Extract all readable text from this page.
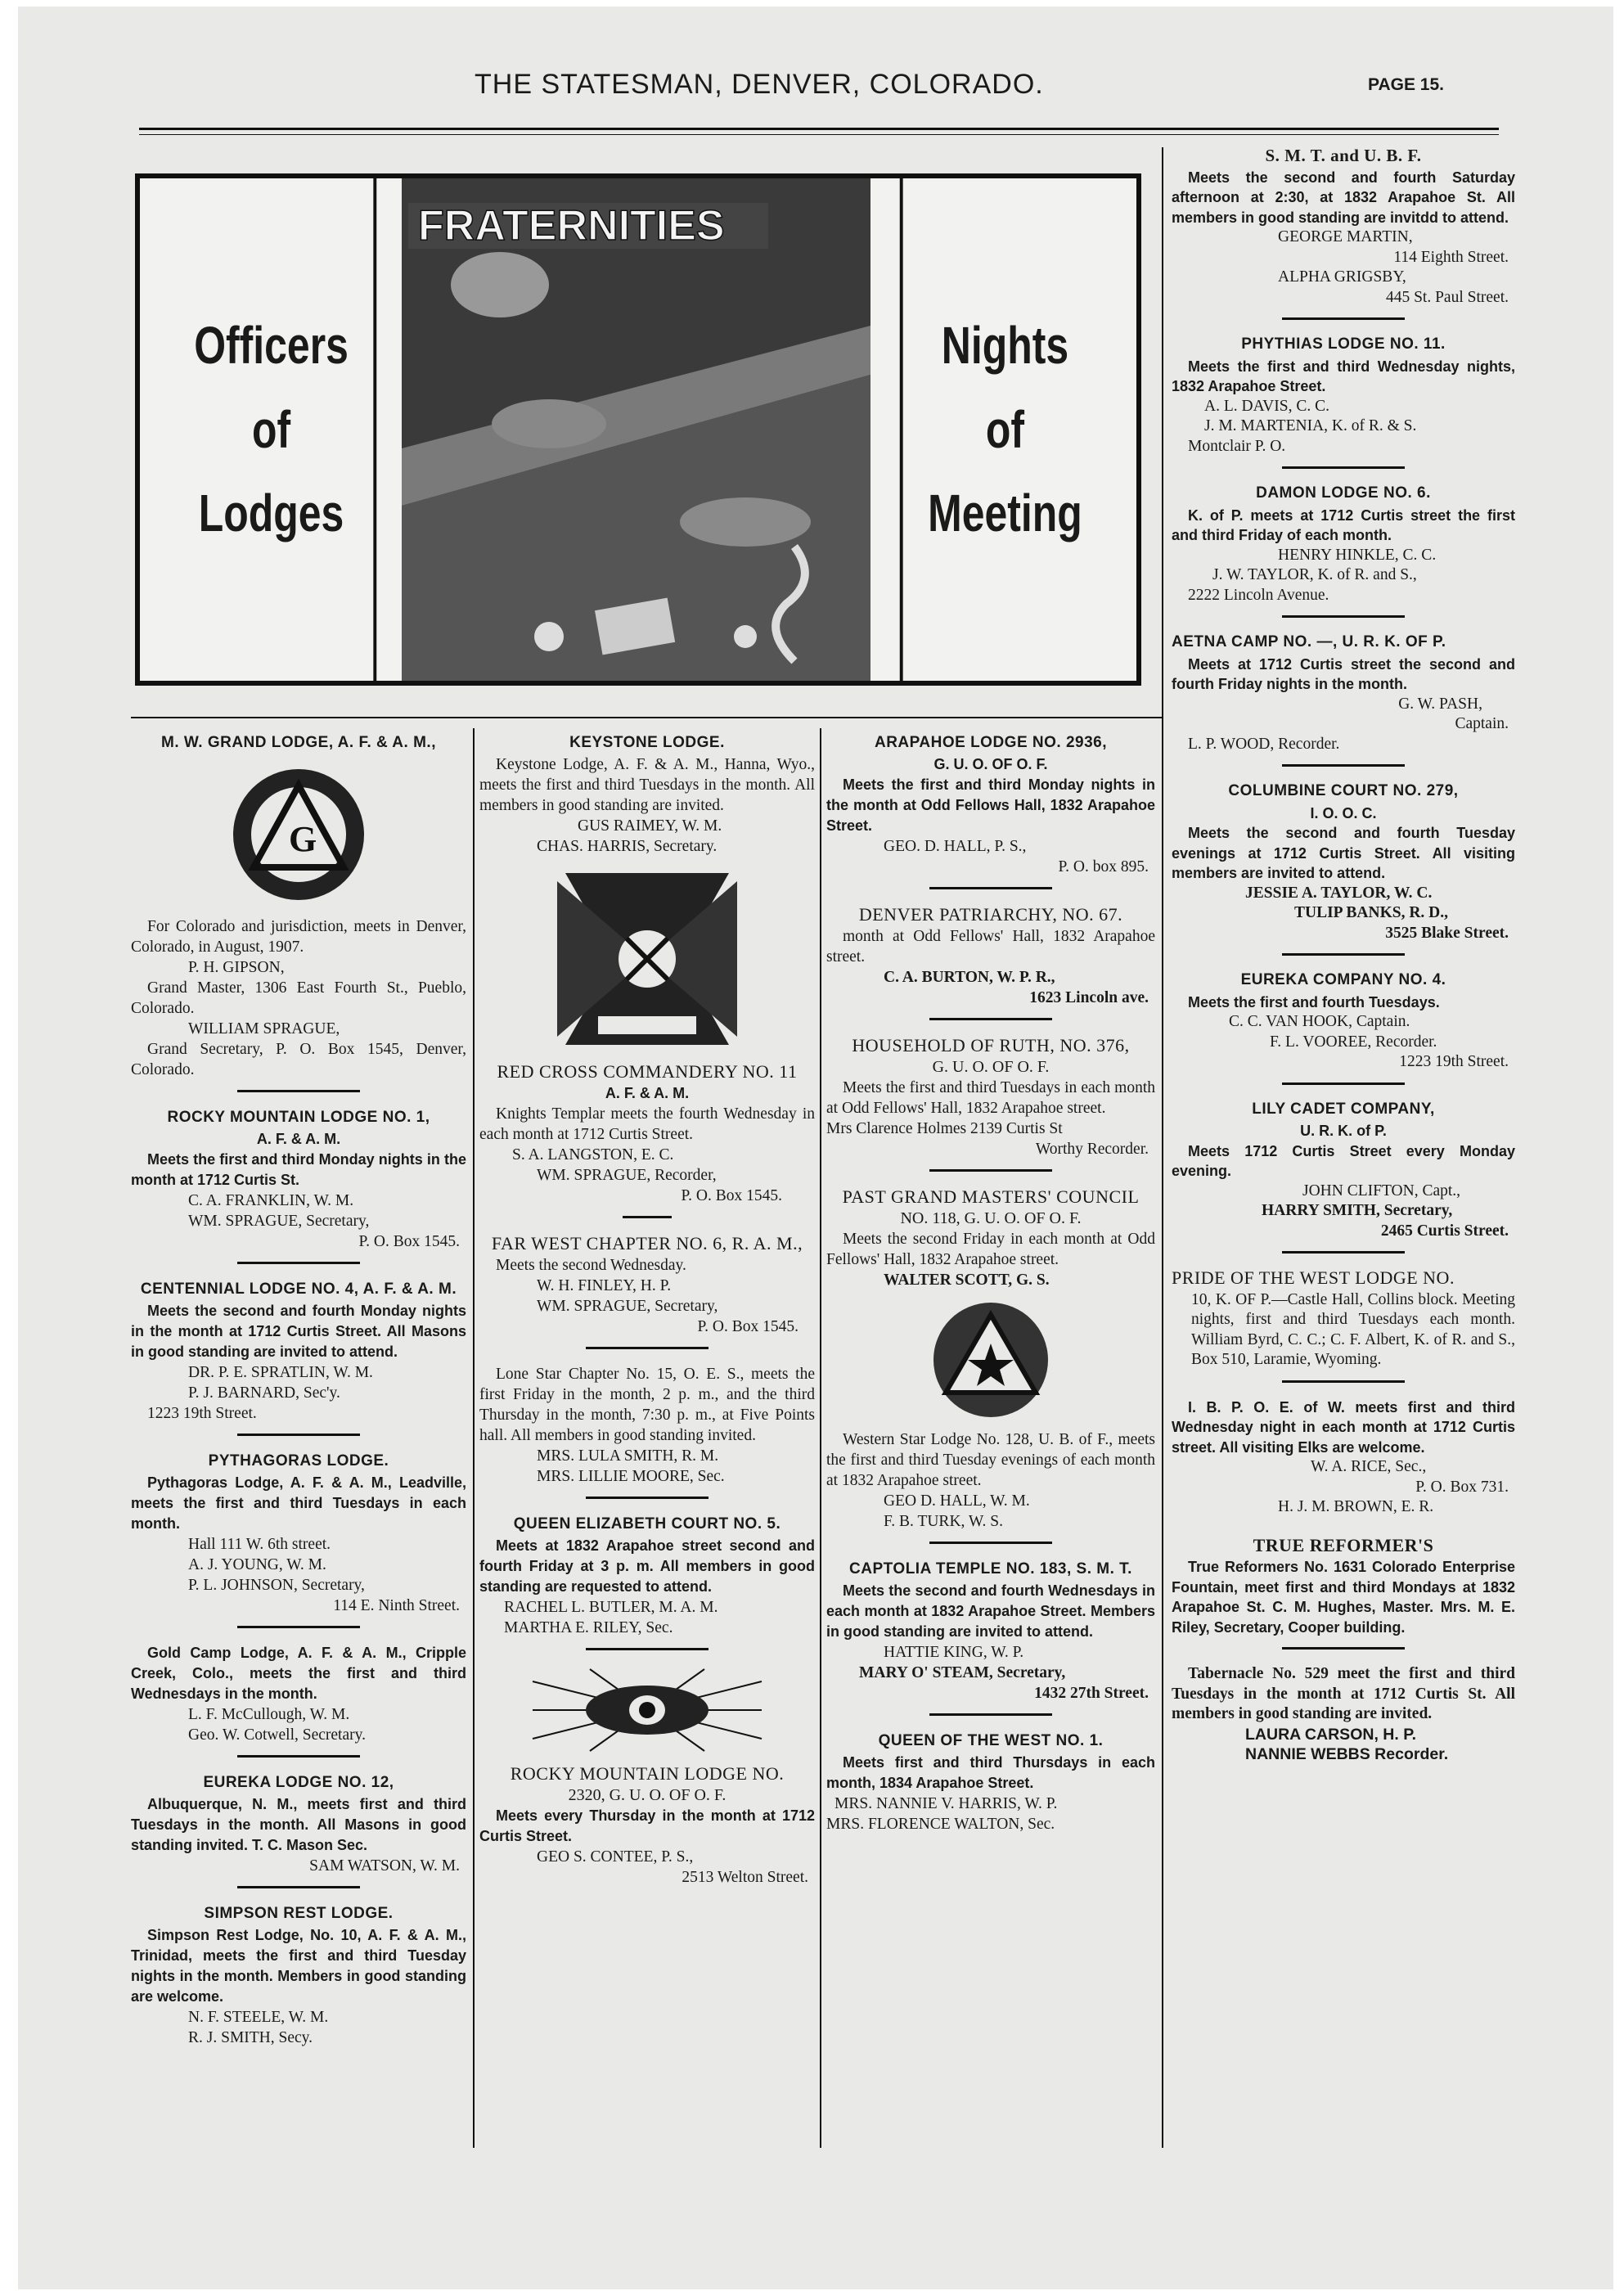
THE STATESMAN, DENVER, COLORADO.	PAGE 15.
Officers
of
Lodges
FRATERNITIES
Nights
of
Meeting
M. W. GRAND LODGE, A. F. & A. M.,
G
For Colorado and jurisdiction, meets in Denver, Colorado, in August, 1907.
P. H. GIPSON,
Grand Master, 1306 East Fourth St., Pueblo, Colorado.
WILLIAM SPRAGUE,
Grand Secretary, P. O. Box 1545, Denver, Colorado.
ROCKY MOUNTAIN LODGE NO. 1,
A. F. & A. M.
Meets the first and third Monday nights in the month at 1712 Curtis St.
C. A. FRANKLIN, W. M.
WM. SPRAGUE, Secretary,
P. O. Box 1545.
CENTENNIAL LODGE NO. 4, A. F. & A. M.
Meets the second and fourth Monday nights in the month at 1712 Curtis Street. All Masons in good standing are invited to attend.
DR. P. E. SPRATLIN, W. M.
P. J. BARNARD, Sec'y.
1223 19th Street.
PYTHAGORAS LODGE.
Pythagoras Lodge, A. F. & A. M., Leadville, meets the first and third Tuesdays in each month.
Hall 111 W. 6th street.
A. J. YOUNG, W. M.
P. L. JOHNSON, Secretary,
114 E. Ninth Street.
Gold Camp Lodge, A. F. & A. M., Cripple Creek, Colo., meets the first and third Wednesdays in the month.
L. F. McCullough, W. M.
Geo. W. Cotwell, Secretary.
EUREKA LODGE NO. 12,
Albuquerque, N. M., meets first and third Tuesdays in the month. All Masons in good standing invited. T. C. Mason Sec.
SAM WATSON, W. M.
SIMPSON REST LODGE.
Simpson Rest Lodge, No. 10, A. F. & A. M., Trinidad, meets the first and third Tuesday nights in the month. Members in good standing are welcome.
N. F. STEELE, W. M.
R. J. SMITH, Secy.
KEYSTONE LODGE.
Keystone Lodge, A. F. & A. M., Hanna, Wyo., meets the first and third Tuesdays in the month. All members in good standing are invited.
GUS RAIMEY, W. M.
CHAS. HARRIS, Secretary.
RED CROSS COMMANDERY NO. 11
A. F. & A. M.
Knights Templar meets the fourth Wednesday in each month at 1712 Curtis Street.
S. A. LANGSTON, E. C.
WM. SPRAGUE, Recorder,
P. O. Box 1545.
FAR WEST CHAPTER NO. 6, R. A. M.,
Meets the second Wednesday.
W. H. FINLEY, H. P.
WM. SPRAGUE, Secretary,
P. O. Box 1545.
Lone Star Chapter No. 15, O. E. S., meets the first Friday in the month, 2 p. m., and the third Thursday in the month, 7:30 p. m., at Five Points hall. All members in good standing invited.
MRS. LULA SMITH, R. M.
MRS. LILLIE MOORE, Sec.
QUEEN ELIZABETH COURT NO. 5.
Meets at 1832 Arapahoe street second and fourth Friday at 3 p. m. All members in good standing are requested to attend.
RACHEL L. BUTLER, M. A. M.
MARTHA E. RILEY, Sec.
ROCKY MOUNTAIN LODGE NO.
2320, G. U. O. OF O. F.
Meets every Thursday in the month at 1712 Curtis Street.
GEO S. CONTEE, P. S.,
2513 Welton Street.
ARAPAHOE LODGE NO. 2936,
G. U. O. OF O. F.
Meets the first and third Monday nights in the month at Odd Fellows Hall, 1832 Arapahoe Street.
GEO. D. HALL, P. S.,
P. O. box 895.
DENVER PATRIARCHY, NO. 67.
month at Odd Fellows' Hall, 1832 Arapahoe street.
C. A. BURTON, W. P. R.,
1623 Lincoln ave.
HOUSEHOLD OF RUTH, NO. 376,
G. U. O. OF O. F.
Meets the first and third Tuesdays in each month at Odd Fellows' Hall, 1832 Arapahoe street.
Mrs Clarence Holmes 2139 Curtis St
Worthy Recorder.
PAST GRAND MASTERS' COUNCIL
NO. 118, G. U. O. OF O. F.
Meets the second Friday in each month at Odd Fellows' Hall, 1832 Arapahoe street.
WALTER SCOTT, G. S.
Western Star Lodge No. 128, U. B. of F., meets the first and third Tuesday evenings of each month at 1832 Arapahoe street.
GEO D. HALL, W. M.
F. B. TURK, W. S.
CAPTOLIA TEMPLE NO. 183, S. M. T.
Meets the second and fourth Wednesdays in each month at 1832 Arapahoe Street. Members in good standing are invited to attend.
HATTIE KING, W. P.
MARY O' STEAM, Secretary,
1432 27th Street.
QUEEN OF THE WEST NO. 1.
Meets first and third Thursdays in each month, 1834 Arapahoe Street.
MRS. NANNIE V. HARRIS, W. P.
MRS. FLORENCE WALTON, Sec.
S. M. T. and U. B. F.
Meets the second and fourth Saturday afternoon at 2:30, at 1832 Arapahoe St. All members in good standing are invitdd to attend.
GEORGE MARTIN,
114 Eighth Street.
ALPHA GRIGSBY,
445 St. Paul Street.
PHYTHIAS LODGE NO. 11.
Meets the first and third Wednesday nights, 1832 Arapahoe Street.
A. L. DAVIS, C. C.
J. M. MARTENIA, K. of R. & S.
Montclair P. O.
DAMON LODGE NO. 6.
K. of P. meets at 1712 Curtis street the first and third Friday of each month.
HENRY HINKLE, C. C.
J. W. TAYLOR, K. of R. and S.,
2222 Lincoln Avenue.
AETNA CAMP NO. —, U. R. K. OF P.
Meets at 1712 Curtis street the second and fourth Friday nights in the month.
G. W. PASH,
Captain.
L. P. WOOD, Recorder.
COLUMBINE COURT NO. 279,
I. O. O. C.
Meets the second and fourth Tuesday evenings at 1712 Curtis Street. All visiting members are invited to attend.
JESSIE A. TAYLOR, W. C.
TULIP BANKS, R. D.,
3525 Blake Street.
EUREKA COMPANY NO. 4.
Meets the first and fourth Tuesdays.
C. C. VAN HOOK, Captain.
F. L. VOOREE, Recorder.
1223 19th Street.
LILY CADET COMPANY,
U. R. K. of P.
Meets 1712 Curtis Street every Monday evening.
JOHN CLIFTON, Capt.,
HARRY SMITH, Secretary,
2465 Curtis Street.
PRIDE OF THE WEST LODGE NO.
10, K. OF P.—Castle Hall, Collins block. Meeting nights, first and third Tuesdays each month. William Byrd, C. C.; C. F. Albert, K. of R. and S., Box 510, Laramie, Wyoming.
I. B. P. O. E. of W. meets first and third Wednesday night in each month at 1712 Curtis street. All visiting Elks are welcome.
W. A. RICE, Sec.,
P. O. Box 731.
H. J. M. BROWN, E. R.
TRUE REFORMER'S
True Reformers No. 1631 Colorado Enterprise Fountain, meet first and third Mondays at 1832 Arapahoe St. C. M. Hughes, Master. Mrs. M. E. Riley, Secretary, Cooper building.
Tabernacle No. 529 meet the first and third Tuesdays in the month at 1712 Curtis St. All members in good standing are invited.
LAURA CARSON, H. P.
NANNIE WEBBS Recorder.
